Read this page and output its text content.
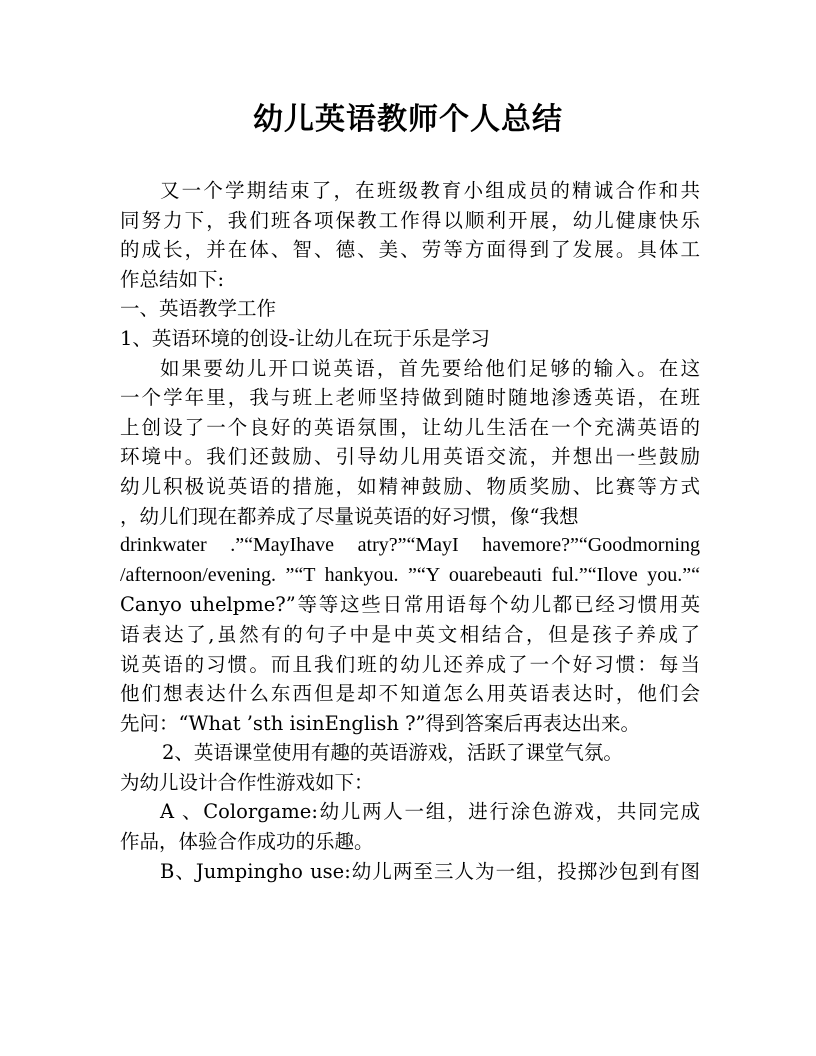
幼儿英语教师个人总结
又一个学期结束了，在班级教育小组成员的精诚合作和共
同努力下，我们班各项保教工作得以顺利开展，幼儿健康快乐
的成长，并在体、智、德、美、劳等方面得到了发展。具体工
作总结如下:
一、英语教学工作
1、英语环境的创设-让幼儿在玩于乐是学习
如果要幼儿开口说英语，首先要给他们足够的输入。在这
一个学年里，我与班上老师坚持做到随时随地渗透英语，在班
上创设了一个良好的英语氛围，让幼儿生活在一个充满英语的
环境中。我们还鼓励、引导幼儿用英语交流，并想出一些鼓励
幼儿积极说英语的措施，如精神鼓励、物质奖励、比赛等方式
，幼儿们现在都养成了尽量说英语的好习惯，像“我想
drinkwater .”“MayIhave atry?”“MayI havemore?”“Goodmorning
/afternoon/evening. ”“T hankyou. ”“Y ouarebeauti ful.”“Ilove you.”“
Canyo uhelpme?”等等这些日常用语每个幼儿都已经习惯用英
语表达了,虽然有的句子中是中英文相结合，但是孩子养成了
说英语的习惯。而且我们班的幼儿还养成了一个好习惯：每当
他们想表达什么东西但是却不知道怎么用英语表达时，他们会
先问：“What ’sth isinEnglish ?”得到答案后再表达出来。
2、英语课堂使用有趣的英语游戏，活跃了课堂气氛。
为幼儿设计合作性游戏如下：
A 、Colorgame:幼儿两人一组，进行涂色游戏，共同完成
作品，体验合作成功的乐趣。
B、Jumpingho use:幼儿两至三人为一组，投掷沙包到有图
